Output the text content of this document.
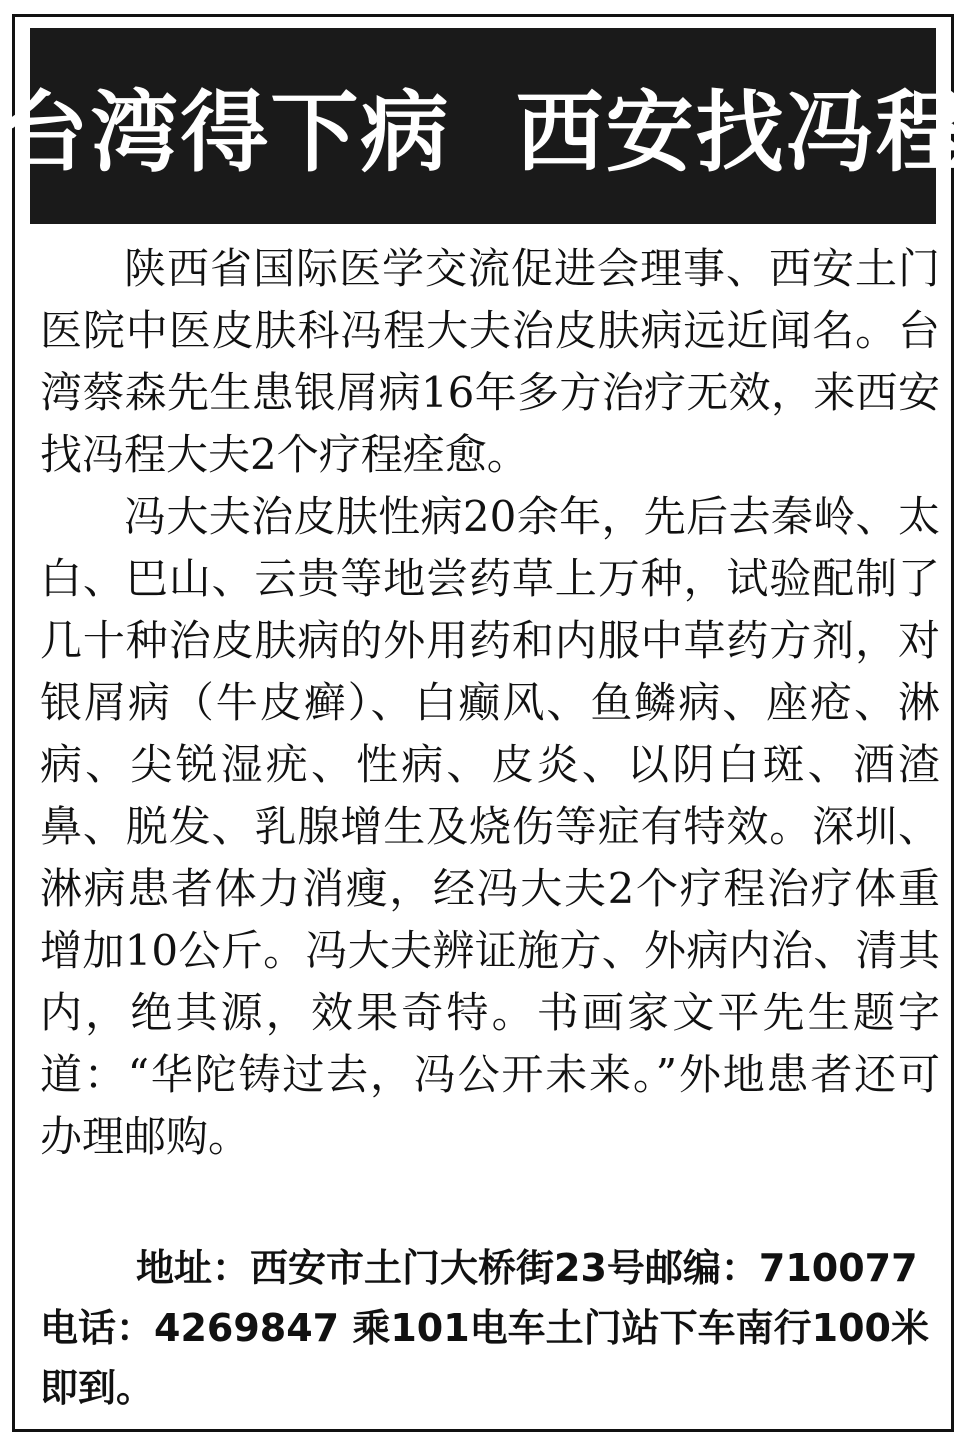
台湾得下病  西安找冯程

陕西省国际医学交流促进会理事、西安土门医院中医皮肤科冯程大夫治皮肤病远近闻名。台湾蔡森先生患银屑病16年多方治疗无效，来西安找冯程大夫2个疗程痊愈。

冯大夫治皮肤性病20余年，先后去秦岭、太白、巴山、云贵等地尝药草上万种，试验配制了几十种治皮肤病的外用药和内服中草药方剂，对银屑病（牛皮癣）、白癫风、鱼鳞病、座疮、淋病、尖锐湿疣、性病、皮炎、以阴白斑、酒渣鼻、脱发、乳腺增生及烧伤等症有特效。深圳、淋病患者体力消瘦，经冯大夫2个疗程治疗体重增加10公斤。冯大夫辨证施方、外病内治、清其内，绝其源，效果奇特。书画家文平先生题字道：“华陀铸过去，冯公开未来。”外地患者还可办理邮购。

地址：西安市土门大桥街23号邮编：710077
电话：4269847 乘101电车土门站下车南行100米即到。
